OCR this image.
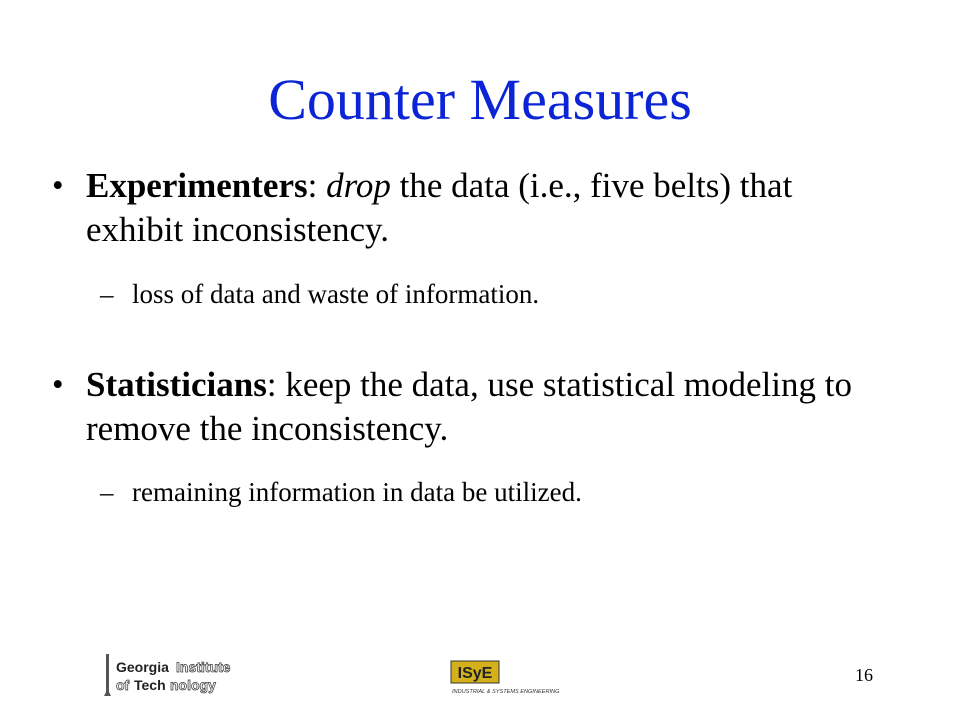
Counter Measures
• Experimenters: drop the data (i.e., five belts) that exhibit inconsistency.
– loss of data and waste of information.
• Statisticians: keep the data, use statistical modeling to remove the inconsistency.
– remaining information in data be utilized.
Georgia Institute
of Tech nology
ISyE
INDUSTRIAL & SYSTEMS ENGINEERING
16
